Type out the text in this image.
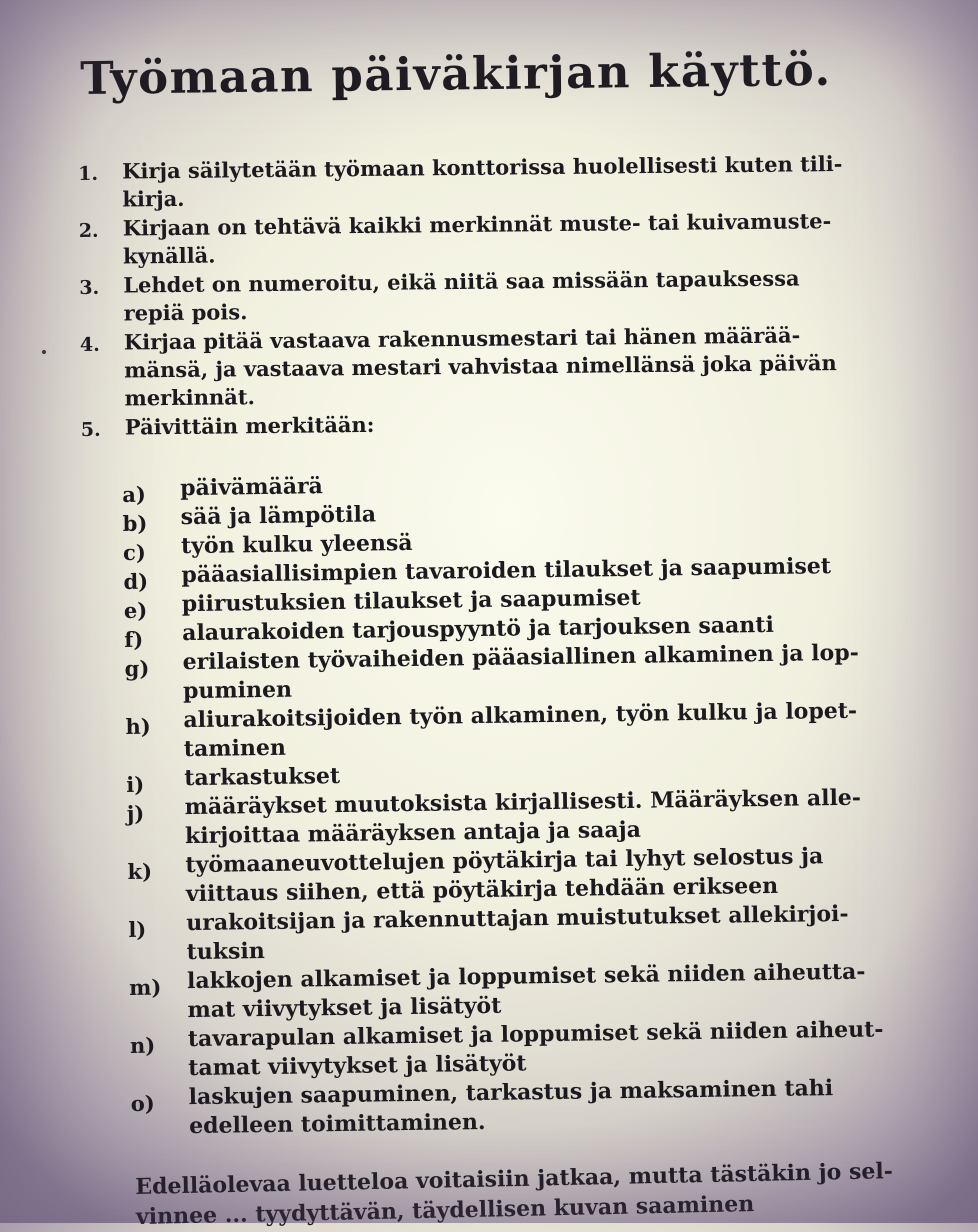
Työmaan päiväkirjan käyttö.
1. Kirja säilytetään työmaan konttorissa huolellisesti kuten tili-
kirja.
2. Kirjaan on tehtävä kaikki merkinnät muste- tai kuivamuste-
kynällä.
3. Lehdet on numeroitu, eikä niitä saa missään tapauksessa
repiä pois.
4. Kirjaa pitää vastaava rakennusmestari tai hänen määrää-
mänsä, ja vastaava mestari vahvistaa nimellänsä joka päivän
merkinnät.
5. Päivittäin merkitään:
a) päivämäärä
b) sää ja lämpötila
c) työn kulku yleensä
d) pääasiallisimpien tavaroiden tilaukset ja saapumiset
e) piirustuksien tilaukset ja saapumiset
f) alaurakoiden tarjouspyyntö ja tarjouksen saanti
g) erilaisten työvaiheiden pääasiallinen alkaminen ja lop-
puminen
h) aliurakoitsijoiden työn alkaminen, työn kulku ja lopet-
taminen
i) tarkastukset
j) määräykset muutoksista kirjallisesti. Määräyksen alle-
kirjoittaa määräyksen antaja ja saaja
k) työmaaneuvottelujen pöytäkirja tai lyhyt selostus ja
viittaus siihen, että pöytäkirja tehdään erikseen
l) urakoitsijan ja rakennuttajan muistutukset allekirjoi-
tuksin
m) lakkojen alkamiset ja loppumiset sekä niiden aiheutta-
mat viivytykset ja lisätyöt
n) tavarapulan alkamiset ja loppumiset sekä niiden aiheut-
tamat viivytykset ja lisätyöt
o) laskujen saapuminen, tarkastus ja maksaminen tahi
edelleen toimittaminen.
Edelläolevaa luetteloa voitaisiin jatkaa, mutta tästäkin jo sel-
vinnee ... tyydyttävän, täydellisen kuvan saaminen
